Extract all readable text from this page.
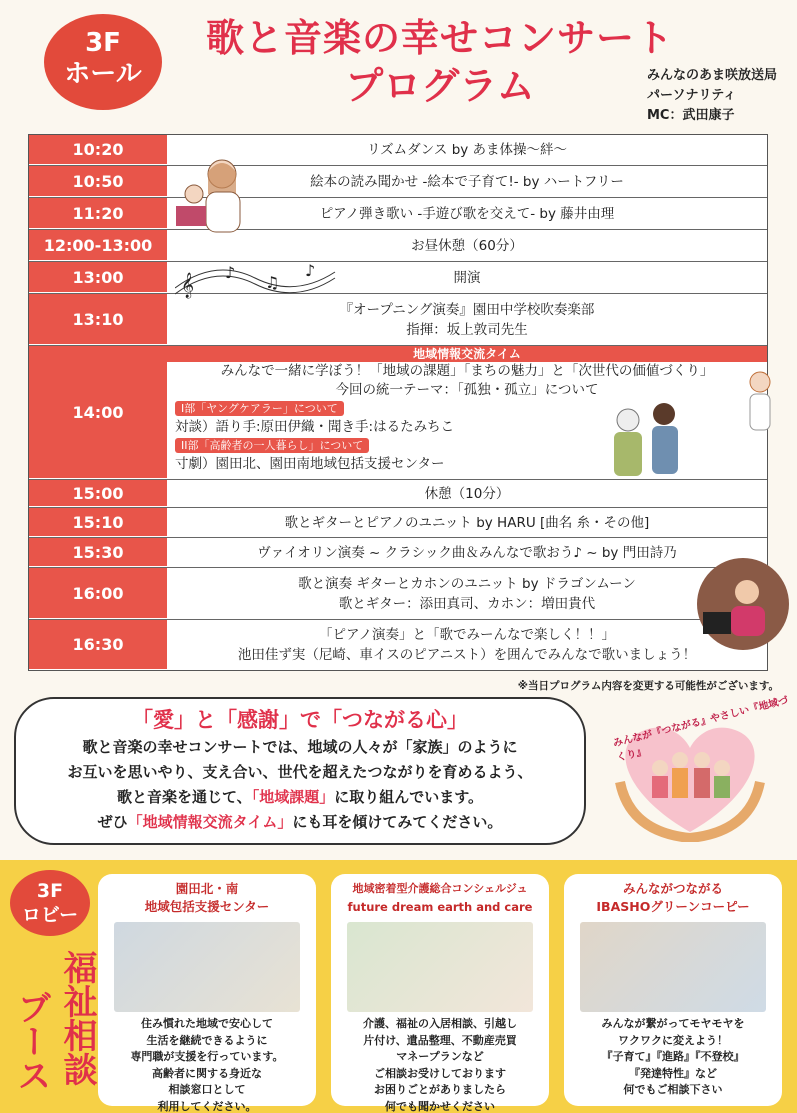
3F
ホール
歌と音楽の幸せコンサート
プログラム	みんなのあま咲放送局
パーソナリティ
MC：武田康子
10:20	リズムダンス by あま体操～絆～
10:50	絵本の読み聞かせ -絵本で子育て!- by ハートフリー
11:20	ピアノ弾き歌い -手遊び歌を交えて- by 藤井由理
12:00-13:00	お昼休憩（60分）
13:00	開演
13:10	『オープニング演奏』園田中学校吹奏楽部
指揮：坂上敦司先生
14:00
地域情報交流タイム
みんなで一緒に学ぼう！「地域の課題」「まちの魅力」と「次世代の価値づくり」
今回の統一テーマ：「孤独・孤立」について
I部「ヤングケアラー」について
対談）語り手:原田伊織・聞き手:はるたみちこ
II部「高齢者の一人暮らし」について
寸劇）園田北、園田南地域包括支援センター
15:00	休憩（10分）
15:10	歌とギターとピアノのユニット by HARU [曲名 糸・その他]
15:30	ヴァイオリン演奏 ~ クラシック曲＆みんなで歌おう♪ ~ by 門田詩乃
16:00	歌と演奏 ギターとカホンのユニット by ドラゴンムーン
歌とギター：添田真司、カホン：増田貴代
16:30	「ピアノ演奏」と「歌でみーんなで楽しく！！」
池田佳ず実（尼崎、車イスのピアニスト）を囲んでみんなで歌いましょう！
𝄞
♪
♫
♪
※当日プログラム内容を変更する可能性がございます。
「愛」と「感謝」で「つながる心」
歌と音楽の幸せコンサートでは、地域の人々が「家族」のように
お互いを思いやり、支え合い、世代を超えたつながりを育めるよう、
歌と音楽を通じて、「地域課題」に取り組んでいます。
ぜひ「地域情報交流タイム」にも耳を傾けてみてください。
みんなが『つながる』やさしい『地域づくり』
3F
ロビー
福祉相談
ブース
園田北・南
地域包括支援センター
住み慣れた地域で安心して
生活を継続できるように
専門職が支援を行っています。
高齢者に関する身近な
相談窓口として
利用してください。
地域密着型介護総合コンシェルジュ
future dream earth and care
介護、福祉の入居相談、引越し
片付け、遺品整理、不動産売買
マネープランなど
ご相談お受けしております
お困りごとがありましたら
何でも聞かせください
みんながつながる
IBASHOグリーンコーピー
みんなが繋がってモヤモヤを
ワクワクに変えよう！
『子育て』『進路』『不登校』
『発達特性』など
何でもご相談下さい
